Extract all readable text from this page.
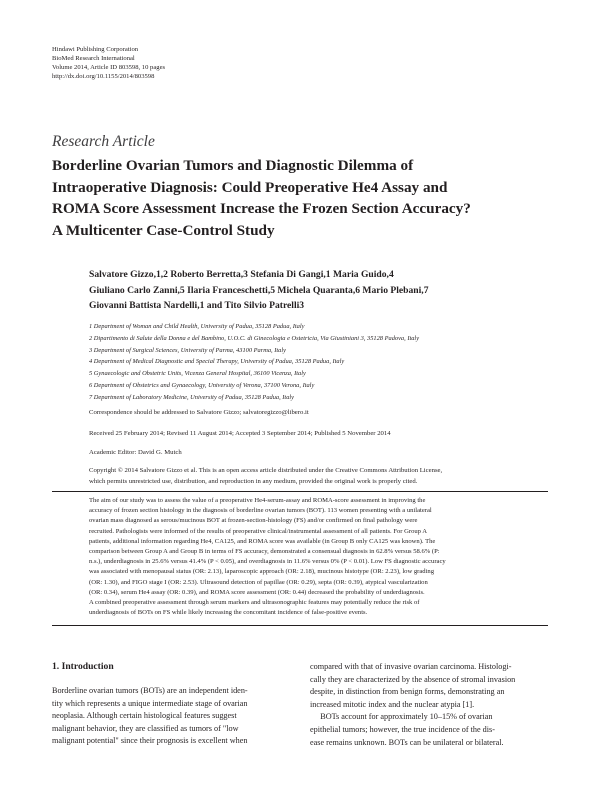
Hindawi Publishing Corporation
BioMed Research International
Volume 2014, Article ID 803598, 10 pages
http://dx.doi.org/10.1155/2014/803598
Research Article
Borderline Ovarian Tumors and Diagnostic Dilemma of
Intraoperative Diagnosis: Could Preoperative He4 Assay and
ROMA Score Assessment Increase the Frozen Section Accuracy?
A Multicenter Case-Control Study
Salvatore Gizzo,1,2 Roberto Berretta,3 Stefania Di Gangi,1 Maria Guido,4
Giuliano Carlo Zanni,5 Ilaria Franceschetti,5 Michela Quaranta,6 Mario Plebani,7
Giovanni Battista Nardelli,1 and Tito Silvio Patrelli3
1 Department of Woman and Child Health, University of Padua, 35128 Padua, Italy
2 Dipartimento di Salute della Donna e del Bambino, U.O.C. di Ginecologia e Ostetricia, Via Giustiniani 3, 35128 Padova, Italy
3 Department of Surgical Sciences, University of Parma, 43100 Parma, Italy
4 Department of Medical Diagnostic and Special Therapy, University of Padua, 35128 Padua, Italy
5 Gynaecologic and Obstetric Units, Vicenza General Hospital, 36100 Vicenza, Italy
6 Department of Obstetrics and Gynaecology, University of Verona, 37100 Verona, Italy
7 Department of Laboratory Medicine, University of Padua, 35128 Padua, Italy
Correspondence should be addressed to Salvatore Gizzo; salvatoregizzo@libero.it
Received 25 February 2014; Revised 11 August 2014; Accepted 3 September 2014; Published 5 November 2014
Academic Editor: David G. Mutch
Copyright © 2014 Salvatore Gizzo et al. This is an open access article distributed under the Creative Commons Attribution License,
which permits unrestricted use, distribution, and reproduction in any medium, provided the original work is properly cited.
The aim of our study was to assess the value of a preoperative He4-serum-assay and ROMA-score assessment in improving the
accuracy of frozen section histology in the diagnosis of borderline ovarian tumors (BOT). 113 women presenting with a unilateral
ovarian mass diagnosed as serous/mucinous BOT at frozen-section-histology (FS) and/or confirmed on final pathology were
recruited. Pathologists were informed of the results of preoperative clinical/instrumental assessment of all patients. For Group A
patients, additional information regarding He4, CA125, and ROMA score was available (in Group B only CA125 was known). The
comparison between Group A and Group B in terms of FS accuracy, demonstrated a consensual diagnosis in 62.8% versus 58.6% (P:
n.s.), underdiagnosis in 25.6% versus 41.4% (P < 0.05), and overdiagnosis in 11.6% versus 0% (P < 0.01). Low FS diagnostic accuracy
was associated with menopausal status (OR: 2.13), laparoscopic approach (OR: 2.18), mucinous histotype (OR: 2.23), low grading
(OR: 1.30), and FIGO stage I (OR: 2.53). Ultrasound detection of papillae (OR: 0.29), septa (OR: 0.39), atypical vascularization
(OR: 0.34), serum He4 assay (OR: 0.39), and ROMA score assessment (OR: 0.44) decreased the probability of underdiagnosis.
A combined preoperative assessment through serum markers and ultrasonographic features may potentially reduce the risk of
underdiagnosis of BOTs on FS while likely increasing the concomitant incidence of false-positive events.
1. Introduction
Borderline ovarian tumors (BOTs) are an independent iden-
tity which represents a unique intermediate stage of ovarian
neoplasia. Although certain histological features suggest
malignant behavior, they are classified as tumors of "low
malignant potential" since their prognosis is excellent when
compared with that of invasive ovarian carcinoma. Histologi-
cally they are characterized by the absence of stromal invasion
despite, in distinction from benign forms, demonstrating an
increased mitotic index and the nuclear atypia [1].
BOTs account for approximately 10–15% of ovarian
epithelial tumors; however, the true incidence of the dis-
ease remains unknown. BOTs can be unilateral or bilateral.
